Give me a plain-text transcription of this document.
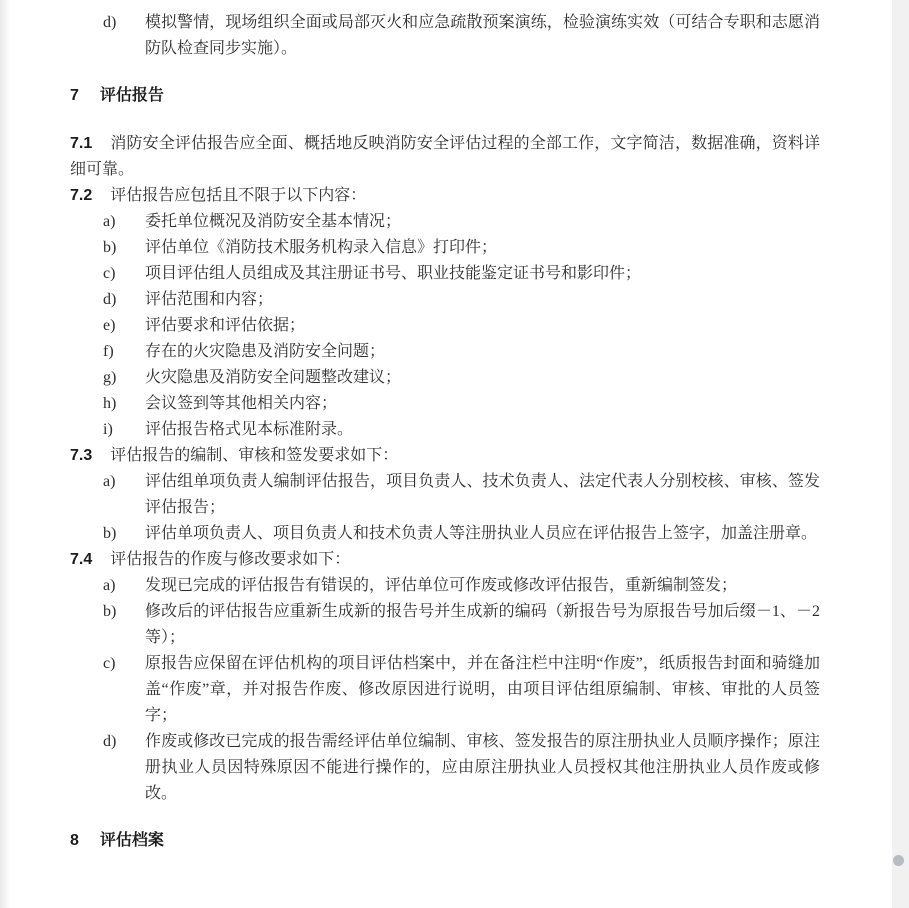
d) 模拟警情，现场组织全面或局部灭火和应急疏散预案演练，检验演练实效（可结合专职和志愿消防队检查同步实施）。
7 评估报告
7.1 消防安全评估报告应全面、概括地反映消防安全评估过程的全部工作，文字简洁，数据准确，资料详细可靠。
7.2 评估报告应包括且不限于以下内容：
a) 委托单位概况及消防安全基本情况；
b) 评估单位《消防技术服务机构录入信息》打印件；
c) 项目评估组人员组成及其注册证书号、职业技能鉴定证书号和影印件；
d) 评估范围和内容；
e) 评估要求和评估依据；
f) 存在的火灾隐患及消防安全问题；
g) 火灾隐患及消防安全问题整改建议；
h) 会议签到等其他相关内容；
i) 评估报告格式见本标准附录。
7.3 评估报告的编制、审核和签发要求如下：
a) 评估组单项负责人编制评估报告，项目负责人、技术负责人、法定代表人分别校核、审核、签发评估报告；
b) 评估单项负责人、项目负责人和技术负责人等注册执业人员应在评估报告上签字，加盖注册章。
7.4 评估报告的作废与修改要求如下：
a) 发现已完成的评估报告有错误的，评估单位可作废或修改评估报告，重新编制签发；
b) 修改后的评估报告应重新生成新的报告号并生成新的编码（新报告号为原报告号加后缀－1、－2等）；
c) 原报告应保留在评估机构的项目评估档案中，并在备注栏中注明“作废”，纸质报告封面和骑缝加盖“作废”章，并对报告作废、修改原因进行说明，由项目评估组原编制、审核、审批的人员签字；
d) 作废或修改已完成的报告需经评估单位编制、审核、签发报告的原注册执业人员顺序操作；原注册执业人员因特殊原因不能进行操作的，应由原注册执业人员授权其他注册执业人员作废或修改。
8 评估档案
